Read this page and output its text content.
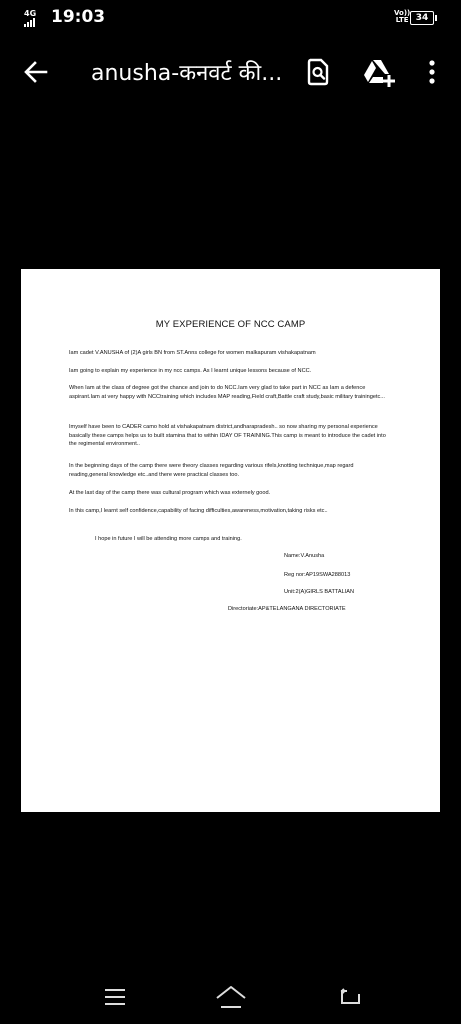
4G 19:03	Vo))
LTE 34
anusha-कनवर्ट की...
MY EXPERIENCE OF NCC CAMP

Iam cadet V.ANUSHA of (2)A girls BN from ST.Anns college for women malkapuram vishakapatnam

Iam going to explain my experience in my ncc camps. As I learnt unique lessons because of NCC.

When Iam at the class of degree got the chance and join to do NCC.Iam very glad to take part in NCC as Iam a defence aspirant.Iam at very happy with NCCtraining which includes MAP reading,Field craft,Battle craft study,basic military trainingetc...

Imyself have been to CADER camo hold at vishakapatnam district,andharapradesh.. so now sharing my personal experience basically these camps helps us to built stamina that to within IDAY OF TRAINING.This camp is meant to introduce the cadet into the regimental environment..

In the beginning days of the camp there were theory classes regarding various rifels,knotting technique,map regard reading,general knowledge etc..and there were practical classes too.

At the last day of the camp there was cultural program which was externely good.

In this camp,I learnt self confidence,capability of facing difficulties,awareness,motivation,taking risks etc..

I hope in future I will be attending more camps and training.

Name:V.Anusha
Reg nor:AP19SWA288013
Unit:2(A)GIRLS BATTALIAN
Directoriate:AP&TELANGANA DIRECTORIATE
